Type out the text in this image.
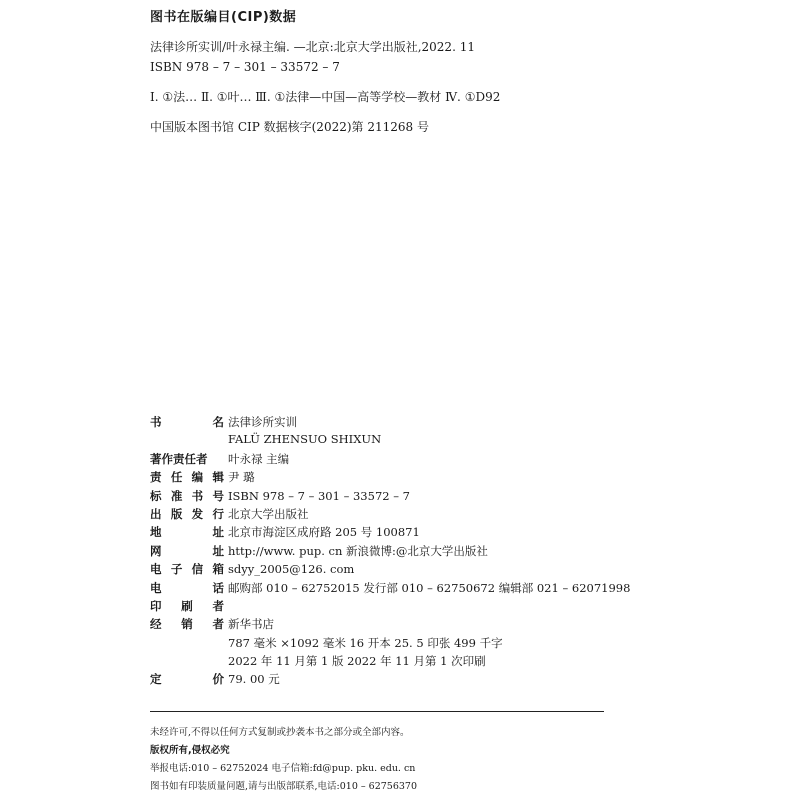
图书在版编目(CIP)数据
法律诊所实训/叶永禄主编. —北京:北京大学出版社,2022. 11
ISBN 978 – 7 – 301 – 33572 – 7
Ⅰ. ①法… Ⅱ. ①叶… Ⅲ. ①法律—中国—高等学校—教材 Ⅳ. ①D92
中国版本图书馆 CIP 数据核字(2022)第 211268 号
书	名 法律诊所实训
FALÜ ZHENSUO SHIXUN
著作责任者 叶永禄 主编
责 任 编 辑 尹 璐
标 准 书 号 ISBN 978 – 7 – 301 – 33572 – 7
出 版 发 行 北京大学出版社
地	址 北京市海淀区成府路 205 号 100871
网	址 http://www. pup. cn 新浪微博:@北京大学出版社
电 子 信 箱 sdyy_2005@126. com
电	话 邮购部 010 – 62752015 发行部 010 – 62750672 编辑部 021 – 62071998
印 刷 者
经 销 者 新华书店
787 毫米 ×1092 毫米 16 开本 25. 5 印张 499 千字
2022 年 11 月第 1 版 2022 年 11 月第 1 次印刷
定	价 79. 00 元
未经许可,不得以任何方式复制或抄袭本书之部分或全部内容。
版权所有,侵权必究
举报电话:010 – 62752024 电子信箱:fd@pup. pku. edu. cn
图书如有印装质量问题,请与出版部联系,电话:010 – 62756370
